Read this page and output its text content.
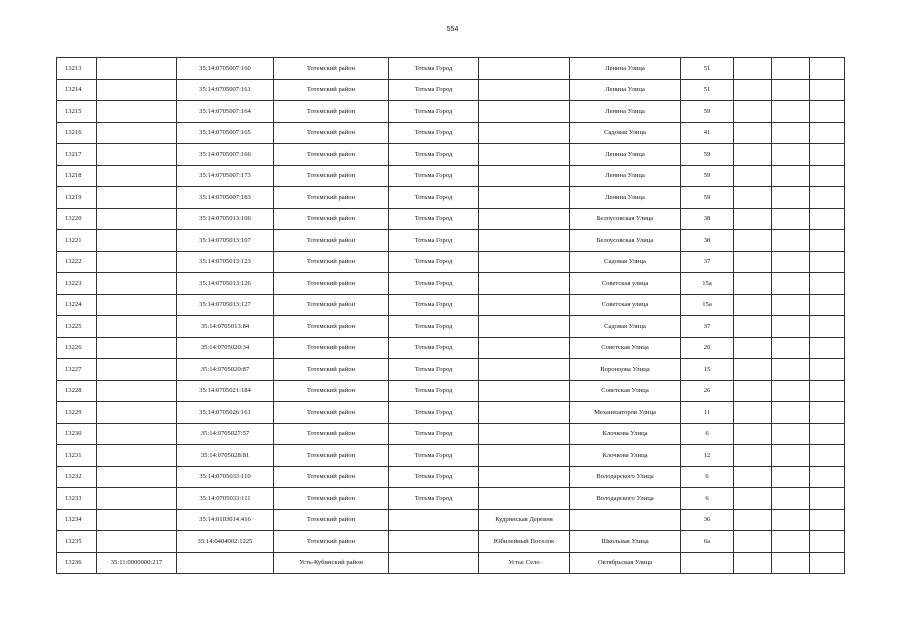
554
13213		35:14:0705007:160	Тотемский район	Тотьма Город		Ленина Улица	51			
13214		35:14:0705007:161	Тотемский район	Тотьма Город		Ленина Улица	51			
13215		35:14:0705007:164	Тотемский район	Тотьма Город		Ленина Улица	59			
13216		35:14:0705007:165	Тотемский район	Тотьма Город		Садовая Улица	41			
13217		35:14:0705007:166	Тотемский район	Тотьма Город		Ленина Улица	59			
13218		35:14:0705007:173	Тотемский район	Тотьма Город		Ленина Улица	59			
13219		35:14:0705007:183	Тотемский район	Тотьма Город		Ленина Улица	59			
13220		35:14:0705013:106	Тотемский район	Тотьма Город		Белоусовская Улица	38			
13221		35:14:0705013:107	Тотемский район	Тотьма Город		Белоусовская Улица	38			
13222		35:14:0705013:123	Тотемский район	Тотьма Город		Садовая Улица	37			
13223		35:14:0705013:126	Тотемский район	Тотьма Город		Советская улица	15а			
13224		35:14:0705013:127	Тотемский район	Тотьма Город		Советская улица	15а			
13225		35:14:0705013:84	Тотемский район	Тотьма Город		Садовая Улица	37			
13226		35:14:0705020:34	Тотемский район	Тотьма Город		Советская Улица	20			
13227		35:14:0705020:87	Тотемский район	Тотьма Город		Воронцова Улица	15			
13228		35:14:0705021:184	Тотемский район	Тотьма Город		Советская Улица	26			
13229		35:14:0705026:161	Тотемский район	Тотьма Город		Механизаторов Улица	11			
13230		35:14:0705027:57	Тотемский район	Тотьма Город		Клочкова Улица	6			
13231		35:14:0705028:81	Тотемский район	Тотьма Город		Клочкова Улица	12			
13232		35:14:0705033:110	Тотемский район	Тотьма Город		Володарского Улица	6			
13233		35:14:0705033:111	Тотемский район	Тотьма Город		Володарского Улица	6			
13234		35:14:0103014:416	Тотемский район		Кудринская Деревня		36			
13235		35:14:0404002:1225	Тотемский район		Юбилейный Поселок	Школьная Улица	6а			
13236	35:11:0000000:217		Усть-Кубинский район		Устье Село	Октябрьская Улица				
